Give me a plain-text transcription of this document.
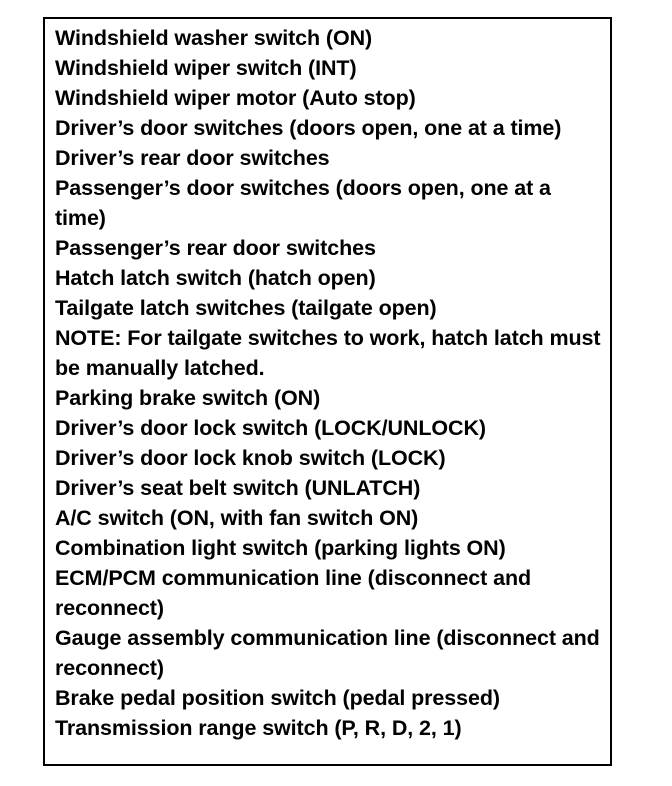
Windshield washer switch (ON)
Windshield wiper switch (INT)
Windshield wiper motor (Auto stop)
Driver’s door switches (doors open, one at a time)
Driver’s rear door switches
Passenger’s door switches (doors open, one at a time)
Passenger’s rear door switches
Hatch latch switch (hatch open)
Tailgate latch switches (tailgate open)
NOTE: For tailgate switches to work, hatch latch must be manually latched.
Parking brake switch (ON)
Driver’s door lock switch (LOCK/UNLOCK)
Driver’s door lock knob switch (LOCK)
Driver’s seat belt switch (UNLATCH)
A/C switch (ON, with fan switch ON)
Combination light switch (parking lights ON)
ECM/PCM communication line (disconnect and reconnect)
Gauge assembly communication line (disconnect and reconnect)
Brake pedal position switch (pedal pressed)
Transmission range switch (P, R, D, 2, 1)
